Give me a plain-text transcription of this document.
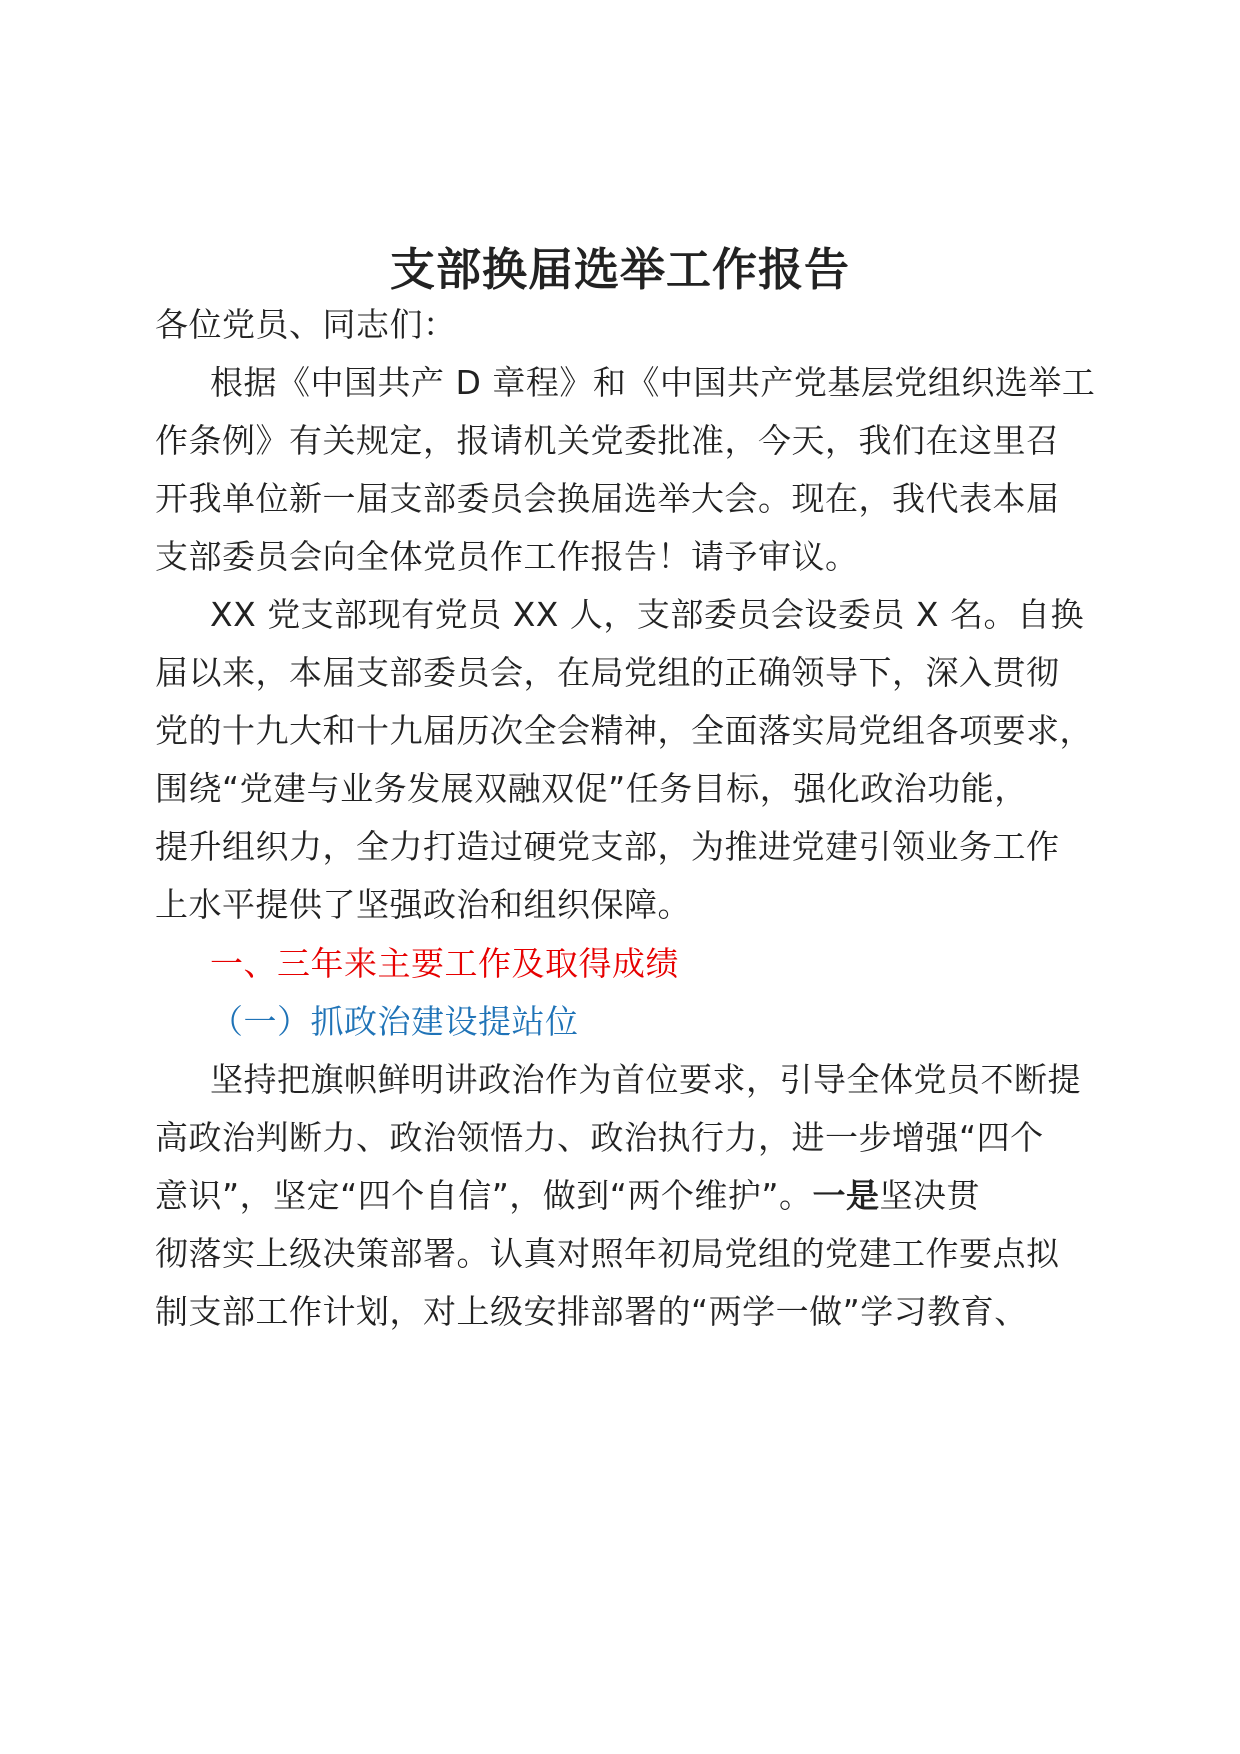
支部换届选举工作报告
各位党员、同志们：
根据《中国共产 D 章程》和《中国共产党基层党组织选举工
作条例》有关规定，报请机关党委批准，今天，我们在这里召
开我单位新一届支部委员会换届选举大会。现在，我代表本届
支部委员会向全体党员作工作报告！请予审议。
XX 党支部现有党员 XX 人，支部委员会设委员 X 名。自换
届以来，本届支部委员会，在局党组的正确领导下，深入贯彻
党的十九大和十九届历次全会精神，全面落实局党组各项要求，
围绕“党建与业务发展双融双促”任务目标，强化政治功能，
提升组织力，全力打造过硬党支部，为推进党建引领业务工作
上水平提供了坚强政治和组织保障。
一、三年来主要工作及取得成绩
（一）抓政治建设提站位
坚持把旗帜鲜明讲政治作为首位要求，引导全体党员不断提
高政治判断力、政治领悟力、政治执行力，进一步增强“四个
意识”，坚定“四个自信”，做到“两个维护”。一是坚决贯
彻落实上级决策部署。认真对照年初局党组的党建工作要点拟
制支部工作计划，对上级安排部署的“两学一做”学习教育、
